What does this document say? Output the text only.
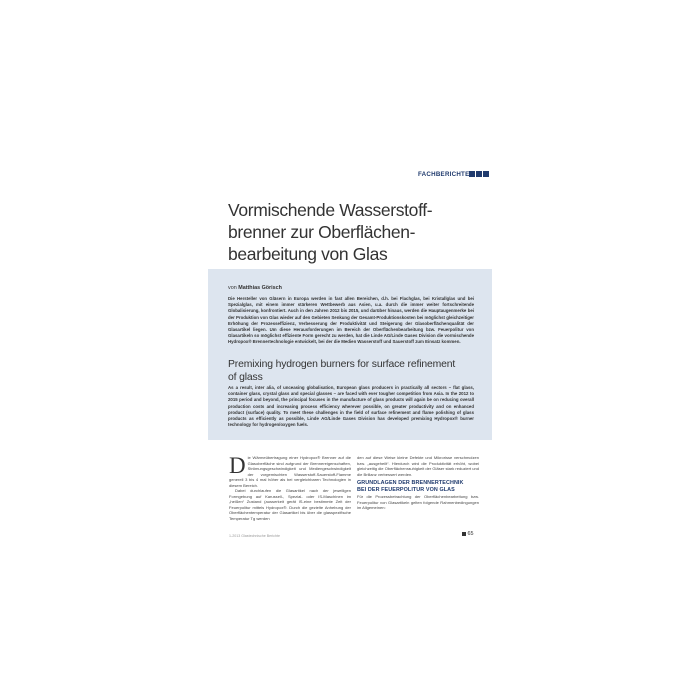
FACHBERICHTE
Vormischende Wasserstoff-
brenner zur Oberflächen-
bearbeitung von Glas
von Matthias Görisch

Die Hersteller von Gläsern in Europa werden in fast allen Bereichen, d.h. bei Flachglas, bei Kristallglas und bei Spezialglas, mit einem immer stärkeren Wettbewerb aus Asien, u.a. durch die immer weiter fortschreitende Globalisierung, konfrontiert. Auch in den Jahren 2012 bis 2015, und darüber hinaus, werden die Hauptaugenmerke bei der Produktion von Glas wieder auf den Gebieten Senkung der Gesamt-Produktionskosten bei möglichst gleichzeitiger Erhöhung der Prozesseffizienz, Verbesserung der Produktivität und Steigerung der Glasoberflächenqualität der Glasartikel liegen. Um diese Herausforderungen im Bereich der Oberflächenbearbeitung bzw. Feuerpolitur von Glasartikeln so möglichst effiziente Form gerecht zu werden, hat die Linde AG/Linde Gases Division die vormischende Hydropox® Brennertechnologie entwickelt, bei der die Medien Wasserstoff und Sauerstoff zum Einsatz kommen.

Premixing hydrogen burners for surface refinement
of glass

As a result, inter alia, of unceasing globalisation, European glass producers in practically all sectors – flat glass, container glass, crystal glass and special glasses – are faced with ever tougher competition from Asia. In the 2012 to 2015 period and beyond, the principal focuses in the manufacture of glass products will again be on reducing overall production costs and increasing process efficiency wherever possible, on greater productivity and on enhanced product (surface) quality. To meet these challenges in the field of surface refinement and flame polishing of glass products as efficiently as possible, Linde AG/Linde Gases Division has developed premixing Hydropox® burner technology for hydrogen/oxygen fuels.

Die Wärmeübertragung einer Hydropox® Brenner auf die Glasoberfläche sind aufgrund der Brennereigenschaften, Strömungsgeschwindigkeit und Mediengeschwindigkeit der vorgemischten Wasserstoff-Sauerstoff-Flamme generell 3 bis 4 mal höher als bei vergleichbaren Technologien in diesem Bereich.

Dabei durchlaufen die Glasartikel nach der jeweiligen Formgebung auf Karussell-, Spezial- oder IS-Maschinen im „heißen“ Zustand (ausserkeit gerät IS-eine bestimmte Zeit der Feuerpolitur mittels Hydropox®. Durch die gezielte Anhebung der Oberflächentemperatur der Glasartikel bis über die glasspezifische Temperatur Tg werden

den auf diese Weise kleine Defekte und Mikrorisse verschmolzen bzw. „ausgeheilt“. Hierdurch wird die Produktivität erhöht, wobei gleichzeitig die Oberflächenrauhigkeit der Gläser stark reduziert und die Brillanz verbessert werden.

GRUNDLAGEN DER BRENNERTECHNIK
BEI DER FEUERPOLITUR VON GLAS

Für die Prozessbetrachtung der Oberflächenbearbeitung bzw. Feuerpolitur von Glasartikeln gelten folgende Rahmenbedingungen im Allgemeinen:

1-2013 Glastechnische Berichte	65
